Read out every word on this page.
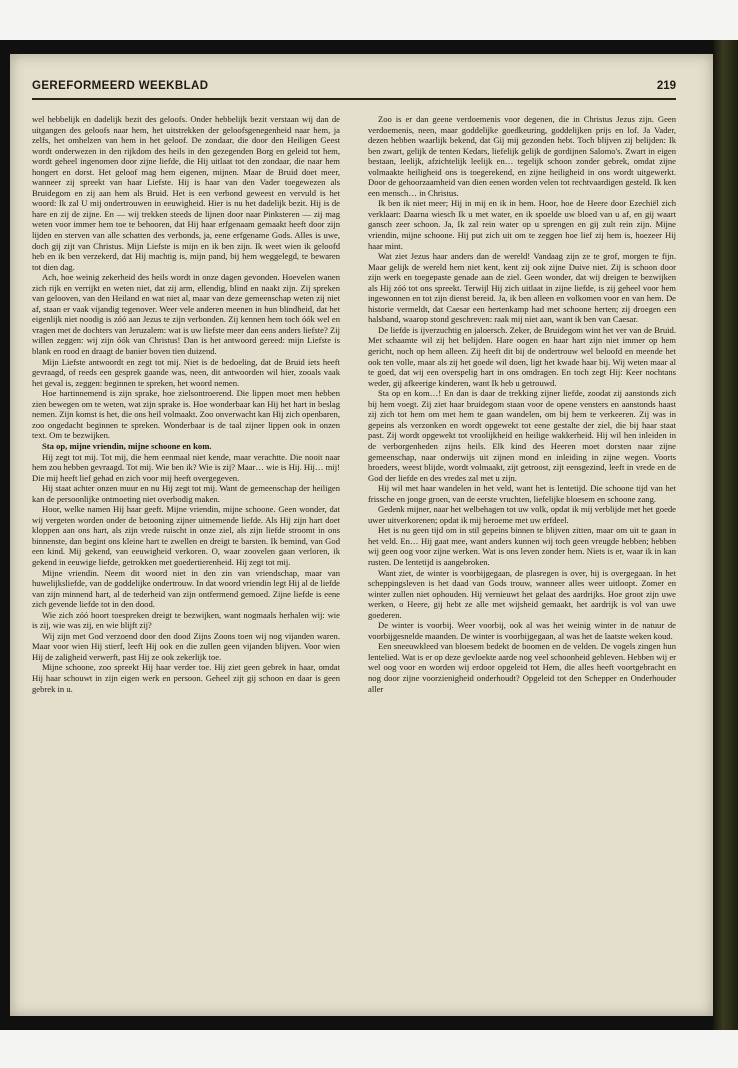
GEREFORMEERD WEEKBLAD	219

wel hebbelijk en dadelijk bezit des geloofs. Onder hebbelijk bezit verstaan wij dan de uitgangen des geloofs naar hem, het uitstrekken der geloofsgenegenheid naar hem, ja zelfs, het omhelzen van hem in het geloof. De zondaar, die door den Heiligen Geest wordt onderwezen in den rijkdom des heils in den gezegenden Borg en geleid tot hem, wordt geheel ingenomen door zijne liefde, die Hij uitlaat tot den zondaar, die naar hem hongert en dorst. Het geloof mag hem eigenen, mijnen. Maar de Bruid doet meer, wanneer zij spreekt van haar Liefste. Hij is haar van den Vader toegewezen als Bruidegom en zij aan hem als Bruid. Het is een verbond geweest en vervuld is het woord: Ik zal U mij ondertrouwen in eeuwigheid. Hier is nu het dadelijk bezit. Hij is de hare en zij de zijne. En — wij trekken steeds de lijnen door naar Pinksteren — zij mag weten voor immer hem toe te behooren, dat Hij haar erfgenaam gemaakt heeft door zijn lijden en sterven van alle schatten des verbonds, ja, eene erfgename Gods. Alles is uwe, doch gij zijt van Christus. Mijn Liefste is mijn en ik ben zijn. Ik weet wien ik geloofd heb en ik ben verzekerd, dat Hij machtig is, mijn pand, bij hem weggelegd, te bewaren tot dien dag.

Ach, hoe weinig zekerheid des heils wordt in onze dagen gevonden. Hoevelen wanen zich rijk en verrijkt en weten niet, dat zij arm, ellendig, blind en naakt zijn. Zij spreken van gelooven, van den Heiland en wat niet al, maar van deze gemeenschap weten zij niet af, staan er vaak vijandig tegenover. Weer vele anderen meenen in hun blindheid, dat het eigenlijk niet noodig is zóó aan Jezus te zijn verbonden. Zij kennen hem toch óók wel en vragen met de dochters van Jeruzalem: wat is uw liefste meer dan eens anders liefste? Zij willen zeggen: wij zijn óók van Christus! Dan is het antwoord gereed: mijn Liefste is blank en rood en draagt de banier boven tien duizend.

Mijn Liefste antwoordt en zegt tot mij. Niet is de bedoeling, dat de Bruid iets heeft gevraagd, of reeds een gesprek gaande was, neen, dit antwoorden wil hier, zooals vaak het geval is, zeggen: beginnen te spreken, het woord nemen.

Hoe hartinnemend is zijn sprake, hoe zielsontroerend. Die lippen moet men hebben zien bewegen om te weten, wat zijn sprake is. Hoe wonderbaar kan Hij het hart in beslag nemen. Zijn komst is het, die ons heil volmaakt. Zoo onverwacht kan Hij zich openbaren, zoo ongedacht beginnen te spreken. Wonderbaar is de taal zijner lippen ook in onzen text. Om te bezwijken.

Sta op, mijne vriendin, mijne schoone en kom.

Hij zegt tot mij. Tot mij, die hem eenmaal niet kende, maar verachtte. Die nooit naar hem zou hebben gevraagd. Tot mij. Wie ben ik? Wie is zij? Maar… wie is Hij. Hij… mij! Die mij heeft lief gehad en zich voor mij heeft overgegeven.

Hij staat achter onzen muur en nu Hij zegt tot mij. Want de gemeenschap der heiligen kan de persoonlijke ontmoeting niet overbodig maken.

Hoor, welke namen Hij haar geeft. Mijne vriendin, mijne schoone. Geen wonder, dat wij vergeten worden onder de betooning zijner uitnemende liefde. Als Hij zijn hart doet kloppen aan ons hart, als zijn vrede ruischt in onze ziel, als zijn liefde stroomt in ons binnenste, dan begint ons kleine hart te zwellen en dreigt te barsten. Ik bemind, van God een kind. Mij gekend, van eeuwigheid verkoren. O, waar zoovelen gaan verloren, ik gekend in eeuwige liefde, getrokken met goedertierenheid. Hij zegt tot mij.

Mijne vriendin. Neem dit woord niet in den zin van vriendschap, maar van huwelijksliefde, van de goddelijke ondertrouw. In dat woord vriendin legt Hij al de liefde van zijn minnend hart, al de tederheid van zijn ontfermend gemoed. Zijne liefde is eene zich gevende liefde tot in den dood.

Wie zich zóó hoort toespreken dreigt te bezwijken, want nogmaals herhalen wij: wie is zij, wie was zij, en wie blijft zij?

Wij zijn met God verzoend door den dood Zijns Zoons toen wij nog vijanden waren. Maar voor wien Hij stierf, leeft Hij ook en die zullen geen vijanden blijven. Voor wien Hij de zaligheid verwerft, past Hij ze ook zekerlijk toe.

Mijne schoone, zoo spreekt Hij haar verder toe. Hij ziet geen gebrek in haar, omdat Hij haar schouwt in zijn eigen werk en persoon. Geheel zijt gij schoon en daar is geen gebrek in u.

Zoo is er dan geene verdoemenis voor degenen, die in Christus Jezus zijn. Geen verdoemenis, neen, maar goddelijke goedkeuring, goddelijken prijs en lof. Ja Vader, dezen hebben waarlijk bekend, dat Gij mij gezonden hebt. Toch blijven zij belijden: Ik ben zwart, gelijk de tenten Kedars, liefelijk gelijk de gordijnen Salomo's. Zwart in eigen bestaan, leelijk, afzichtelijk leelijk en… tegelijk schoon zonder gebrek, omdat zijne volmaakte heiligheid ons is toegerekend, en zijne heiligheid in ons wordt uitgewerkt. Door de gehoorzaamheid van dien eenen worden velen tot rechtvaardigen gesteld. Ik ken een mensch… in Christus.

Ik ben ik niet meer; Hij in mij en ik in hem. Hoor, hoe de Heere door Ezechiël zich verklaart: Daarna wiesch Ik u met water, en ik spoelde uw bloed van u af, en gij waart gansch zeer schoon. Ja, Ik zal rein water op u sprengen en gij zult rein zijn. Mijne vriendin, mijne schoone. Hij put zich uit om te zeggen hoe lief zij hem is, hoezeer Hij haar mint.

Wat ziet Jezus haar anders dan de wereld! Vandaag zijn ze te grof, morgen te fijn. Maar gelijk de wereld hem niet kent, kent zij ook zijne Duive niet. Zij is schoon door zijn werk en toegepaste genade aan de ziel. Geen wonder, dat wij dreigen te bezwijken als Hij zóó tot ons spreekt. Terwijl Hij zich uitlaat in zijne liefde, is zij geheel voor hem ingewonnen en tot zijn dienst bereid. Ja, ik ben alleen en volkomen voor en van hem. De historie vermeldt, dat Caesar een hertenkamp had met schoone herten; zij droegen een halsband, waarop stond geschreven: raak mij niet aan, want ik ben van Caesar.

De liefde is ijverzuchtig en jaloersch. Zeker, de Bruidegom wint het ver van de Bruid. Met schaamte wil zij het belijden. Hare oogen en haar hart zijn niet immer op hem gericht, noch op hem alleen. Zij heeft dit bij de ondertrouw wel beloofd en meende het ook ten volle, maar als zij het goede wil doen, ligt het kwade haar bij. Wij weten maar al te goed, dat wij een overspelig hart in ons omdragen. En toch zegt Hij: Keer nochtans weder, gij afkeerige kinderen, want Ik heb u getrouwd.

Sta op en kom…! En dan is daar de trekking zijner liefde, zoodat zij aanstonds zich bij hem voegt. Zij ziet haar bruidegom staan voor de opene vensters en aanstonds haast zij zich tot hem om met hem te gaan wandelen, om bij hem te verkeeren. Zij was in gepeins als verzonken en wordt opgewekt tot eene gestalte der ziel, die bij haar staat past. Zij wordt opgewekt tot vroolijkheid en heilige wakkerheid. Hij wil hen inleiden in de verborgenheden zijns heils. Elk kind des Heeren moet dorsten naar zijne gemeenschap, naar onderwijs uit zijnen mond en inleiding in zijne wegen. Voorts broeders, weest blijde, wordt volmaakt, zijt getroost, zijt eensgezind, leeft in vrede en de God der liefde en des vredes zal met u zijn.

Hij wil met haar wandelen in het veld, want het is lentetijd. Die schoone tijd van het frissche en jonge groen, van de eerste vruchten, liefelijke bloesem en schoone zang.

Gedenk mijner, naar het welbehagen tot uw volk, opdat ik mij verblijde met het goede uwer uitverkorenen; opdat ik mij beroeme met uw erfdeel.

Het is nu geen tijd om in stil gepeins binnen te blijven zitten, maar om uit te gaan in het veld. En… Hij gaat mee, want anders kunnen wij toch geen vreugde hebben; hebben wij geen oog voor zijne werken. Wat is ons leven zonder hem. Niets is er, waar ik in kan rusten. De lentetijd is aangebroken.

Want ziet, de winter is voorbijgegaan, de plasregen is over, hij is overgegaan. In het scheppingsleven is het daad van Gods trouw, wanneer alles weer uitloopt. Zomer en winter zullen niet ophouden. Hij vernieuwt het gelaat des aardrijks. Hoe groot zijn uwe werken, o Heere, gij hebt ze alle met wijsheid gemaakt, het aardrijk is vol van uwe goederen.

De winter is voorbij. Weer voorbij, ook al was het weinig winter in de natuur de voorbijgesnelde maanden. De winter is voorbijgegaan, al was het de laatste weken koud.

Een sneeuwkleed van bloesem bedekt de boomen en de velden. De vogels zingen hun lentelied. Wat is er op deze gevloekte aarde nog veel schoonheid gebleven. Hebben wij er wel oog voor en worden wij erdoor opgeleid tot Hem, die alles heeft voortgebracht en nog door zijne voorzienigheid onderhoudt? Opgeleid tot den Schepper en Onderhouder aller
